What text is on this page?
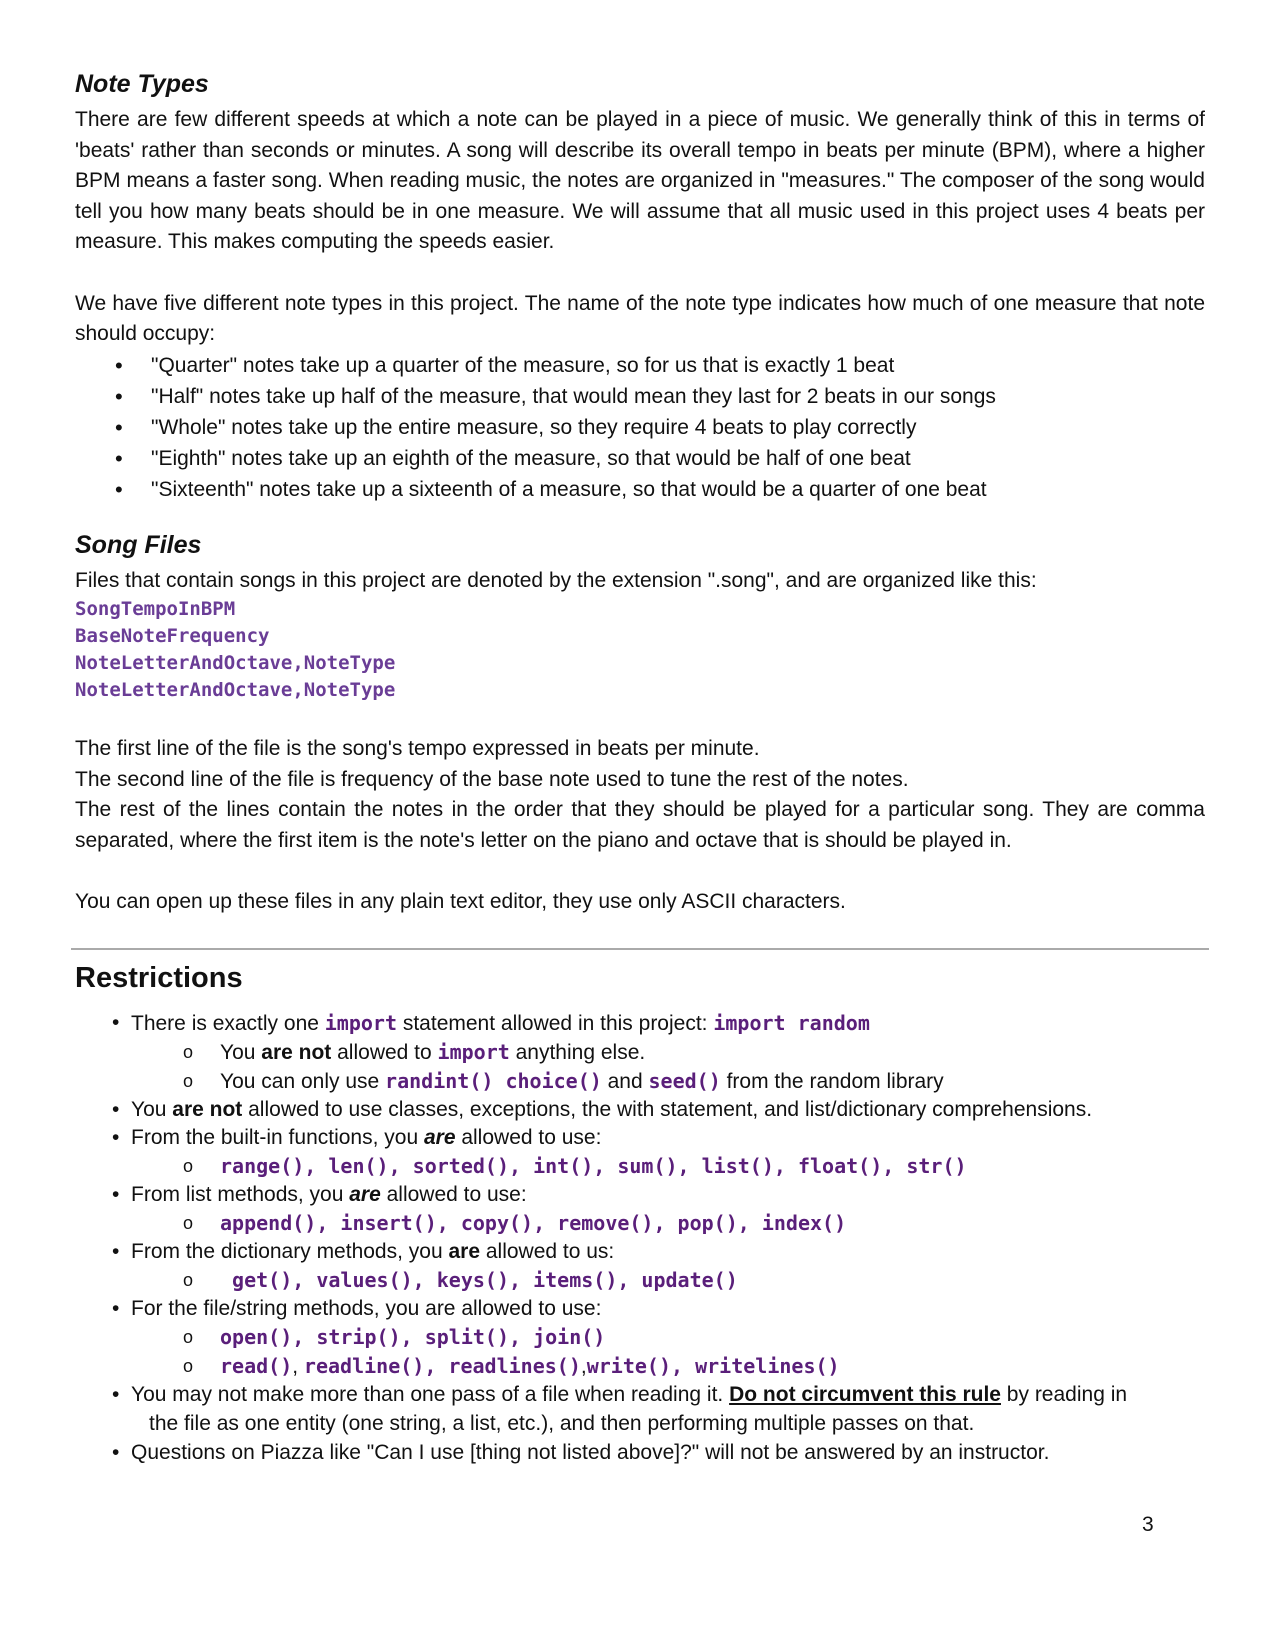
Note Types

There are few different speeds at which a note can be played in a piece of music. We generally think of this in terms of 'beats' rather than seconds or minutes. A song will describe its overall tempo in beats per minute (BPM), where a higher BPM means a faster song. When reading music, the notes are organized in "measures." The composer of the song would tell you how many beats should be in one measure. We will assume that all music used in this project uses 4 beats per measure. This makes computing the speeds easier.

We have five different note types in this project. The name of the note type indicates how much of one measure that note should occupy:

• "Quarter" notes take up a quarter of the measure, so for us that is exactly 1 beat
• "Half" notes take up half of the measure, that would mean they last for 2 beats in our songs
• "Whole" notes take up the entire measure, so they require 4 beats to play correctly
• "Eighth" notes take up an eighth of the measure, so that would be half of one beat
• "Sixteenth" notes take up a sixteenth of a measure, so that would be a quarter of one beat
Song Files

Files that contain songs in this project are denoted by the extension ".song", and are organized like this:

SongTempoInBPM
BaseNoteFrequency
NoteLetterAndOctave,NoteType
NoteLetterAndOctave,NoteType

The first line of the file is the song's tempo expressed in beats per minute.

The second line of the file is frequency of the base note used to tune the rest of the notes.

The rest of the lines contain the notes in the order that they should be played for a particular song. They are comma separated, where the first item is the note's letter on the piano and octave that is should be played in.

You can open up these files in any plain text editor, they use only ASCII characters.

Restrictions
• There is exactly one import statement allowed in this project: import random
o You are not allowed to import anything else.
o You can only use randint() choice() and seed() from the random library
• You are not allowed to use classes, exceptions, the with statement, and list/dictionary comprehensions.
• From the built-in functions, you are allowed to use:
o range(), len(), sorted(), int(), sum(), list(), float(), str()
• From list methods, you are allowed to use:
o append(), insert(), copy(), remove(), pop(), index()
• From the dictionary methods, you are allowed to us:
o get(), values(), keys(), items(), update()
• For the file/string methods, you are allowed to use:
o open(), strip(), split(), join()
o read(), readline(), readlines(),write(), writelines()
• You may not make more than one pass of a file when reading it. Do not circumvent this rule by reading in
the file as one entity (one string, a list, etc.), and then performing multiple passes on that.
• Questions on Piazza like "Can I use [thing not listed above]?" will not be answered by an instructor.
3
